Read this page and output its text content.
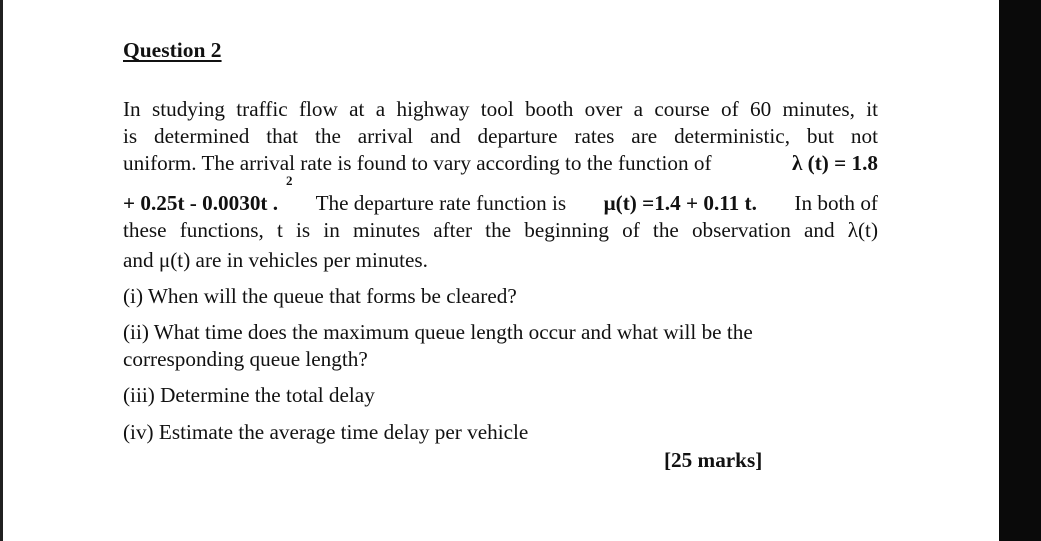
Question 2
In studying traffic flow at a highway tool booth over a course of 60 minutes, it
is determined that the arrival and departure rates are deterministic, but not
uniform. The arrival rate is found to vary according to the function of	λ (t) = 1.8
2
+ 0.25t - 0.0030t . The departure rate function is μ(t) =1.4 + 0.11 t. In both of
these functions, t is in minutes after the beginning of the observation and λ(t)
and μ(t) are in vehicles per minutes.

(i) When will the queue that forms be cleared?

(ii) What time does the maximum queue length occur and what will be the

corresponding queue length?

(iii) Determine the total delay

(iv) Estimate the average time delay per vehicle

[25 marks]
